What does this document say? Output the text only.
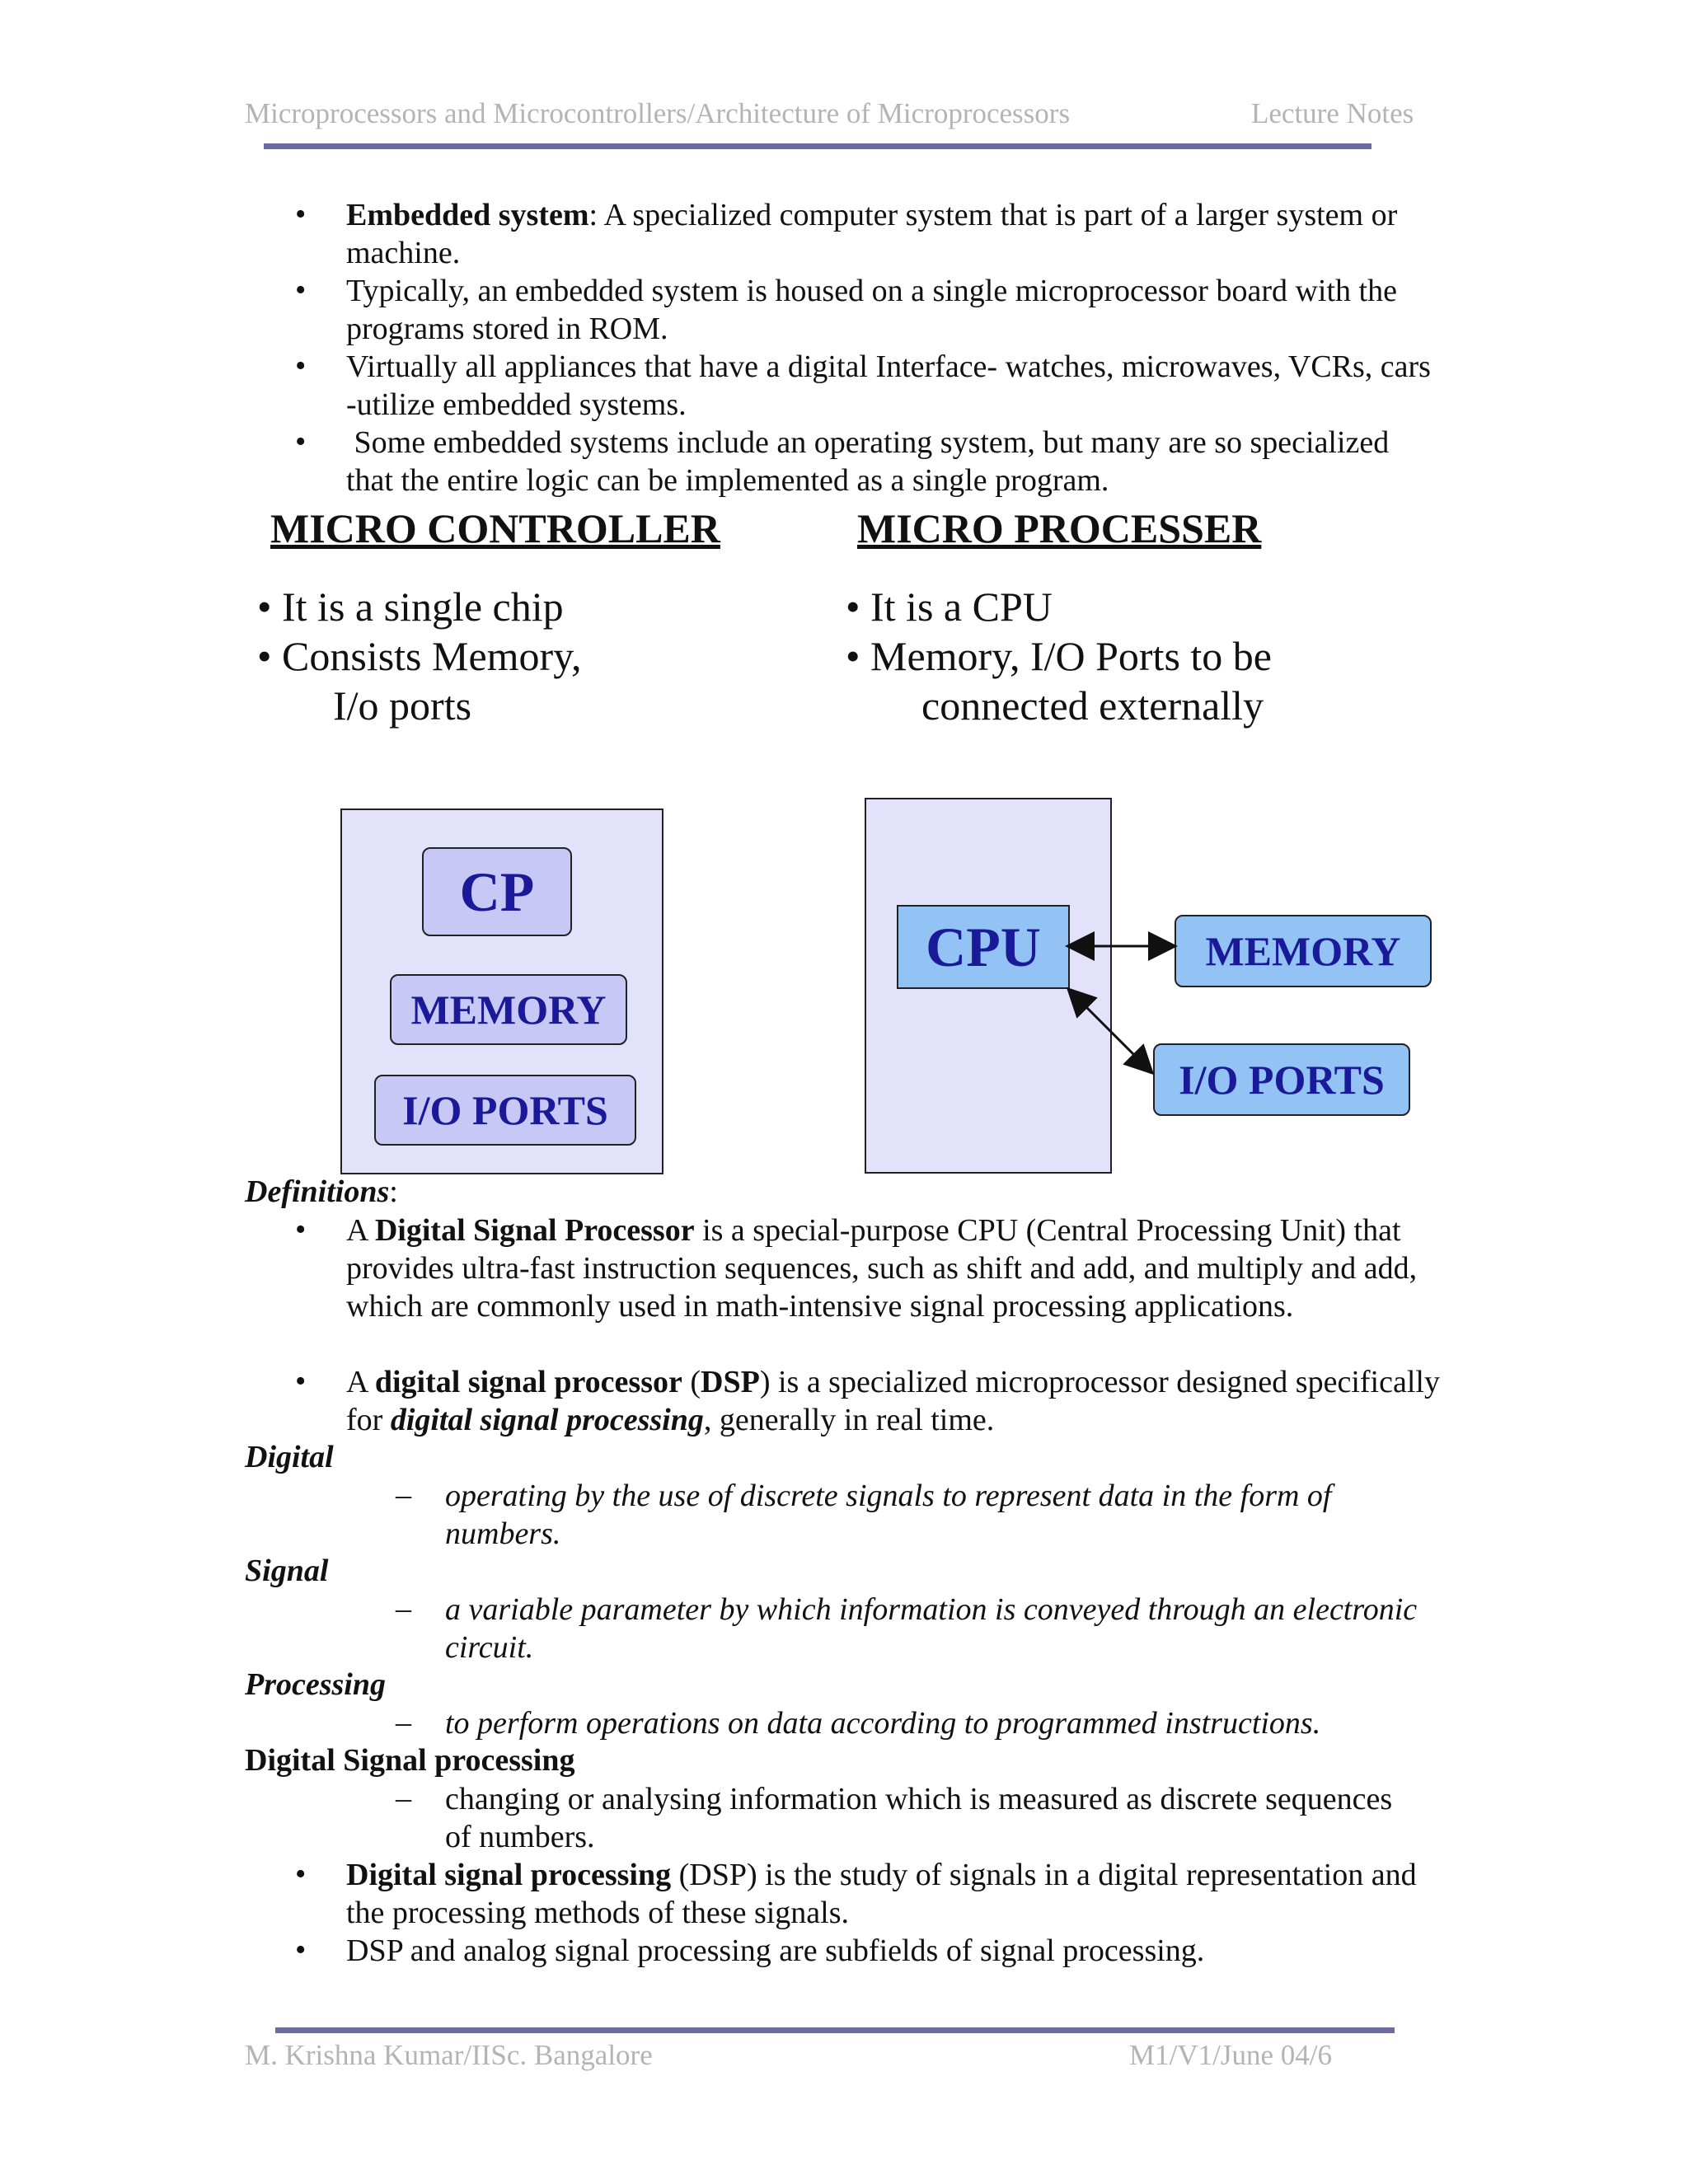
Microprocessors and Microcontrollers/Architecture of Microprocessors	Lecture Notes
• Embedded system: A specialized computer system that is part of a larger system or machine.
• Typically, an embedded system is housed on a single microprocessor board with the programs stored in ROM.
• Virtually all appliances that have a digital Interface- watches, microwaves, VCRs, cars -utilize embedded systems.
• Some embedded systems include an operating system, but many are so specialized that the entire logic can be implemented as a single program.
MICRO CONTROLLER	MICRO PROCESSER
• It is a single chip
• Consists Memory,
I/o ports
• It is a CPU
• Memory, I/O Ports to be
connected externally
CP
MEMORY
I/O PORTS
CPU	MEMORY
I/O PORTS
Definitions:
• A Digital Signal Processor is a special-purpose CPU (Central Processing Unit) that provides ultra-fast instruction sequences, such as shift and add, and multiply and add, which are commonly used in math-intensive signal processing applications.
• A digital signal processor (DSP) is a specialized microprocessor designed specifically for digital signal processing, generally in real time.
Digital
– operating by the use of discrete signals to represent data in the form of numbers.
Signal
– a variable parameter by which information is conveyed through an electronic circuit.
Processing
– to perform operations on data according to programmed instructions.
Digital Signal processing
– changing or analysing information which is measured as discrete sequences of numbers.
• Digital signal processing (DSP) is the study of signals in a digital representation and the processing methods of these signals.
• DSP and analog signal processing are subfields of signal processing.
M. Krishna Kumar/IISc. Bangalore	M1/V1/June 04/6
